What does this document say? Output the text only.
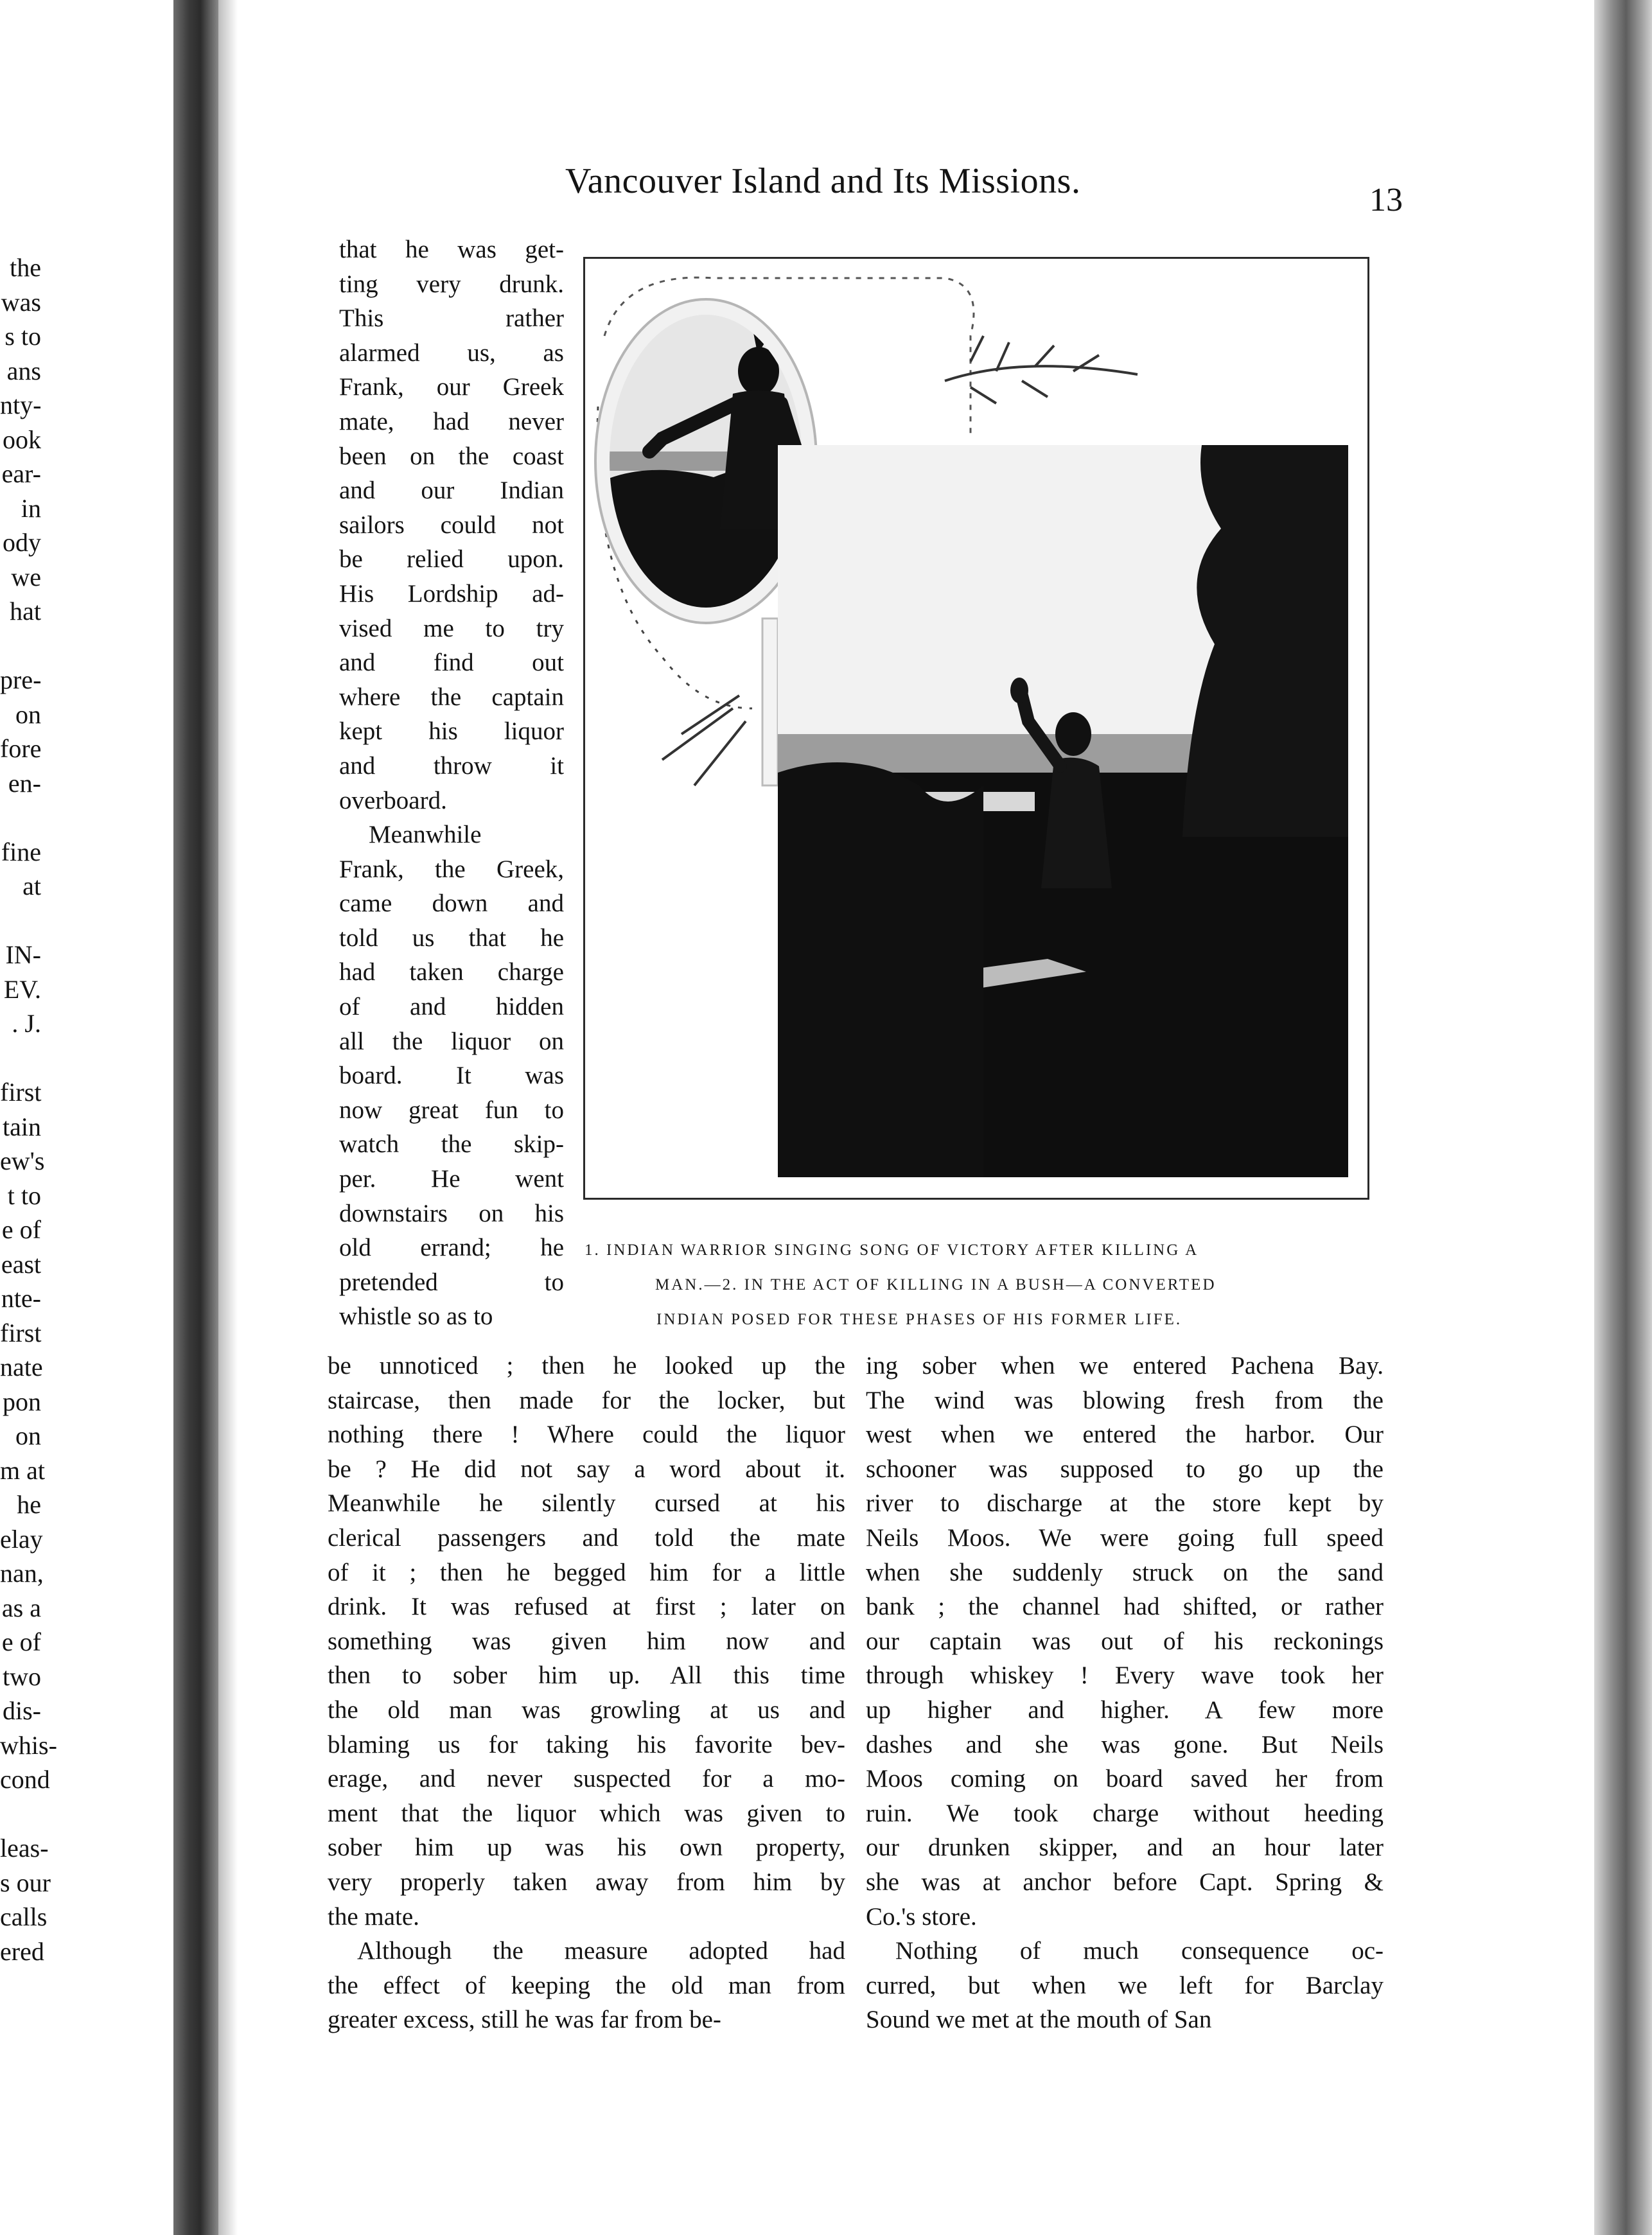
the
was
s to
ans
nty-
ook
ear-
in
ody
we
hat
pre-
on
fore
en-
fine
at
IN-
EV.
. J.
first
tain
ew's
t to
e of
east
nte-
first
nate
pon
on
m at
he
elay
nan,
as a
e of
two
dis-
whis-
cond
leas-
s our
calls
ered
Vancouver Island and Its Missions.	13
that he was get-
ting very drunk.
This rather
alarmed us, as
Frank, our Greek
mate, had never
been on the coast
and our Indian
sailors could not
be relied upon.
His Lordship ad-
vised me to try
and find out
where the captain
kept his liquor
and throw it
overboard.
Meanwhile
Frank, the Greek,
came down and
told us that he
had taken charge
of and hidden
all the liquor on
board. It was
now great fun to
watch the skip-
per. He went
downstairs on his
old errand; he
pretended to
whistle so as to
1. INDIAN WARRIOR SINGING SONG OF VICTORY AFTER KILLING A
MAN.—2. IN THE ACT OF KILLING IN A BUSH—A CONVERTED
INDIAN POSED FOR THESE PHASES OF HIS FORMER LIFE.
be unnoticed ; then he looked up the
staircase, then made for the locker, but
nothing there ! Where could the liquor
be ? He did not say a word about it.
Meanwhile he silently cursed at his
clerical passengers and told the mate
of it ; then he begged him for a little
drink. It was refused at first ; later on
something was given him now and
then to sober him up. All this time
the old man was growling at us and
blaming us for taking his favorite bev-
erage, and never suspected for a mo-
ment that the liquor which was given to
sober him up was his own property,
very properly taken away from him by
the mate.
Although the measure adopted had
the effect of keeping the old man from
greater excess, still he was far from be-
ing sober when we entered Pachena Bay.
The wind was blowing fresh from the
west when we entered the harbor. Our
schooner was supposed to go up the
river to discharge at the store kept by
Neils Moos. We were going full speed
when she suddenly struck on the sand
bank ; the channel had shifted, or rather
our captain was out of his reckonings
through whiskey ! Every wave took her
up higher and higher. A few more
dashes and she was gone. But Neils
Moos coming on board saved her from
ruin. We took charge without heeding
our drunken skipper, and an hour later
she was at anchor before Capt. Spring &
Co.'s store.
Nothing of much consequence oc-
curred, but when we left for Barclay
Sound we met at the mouth of San
